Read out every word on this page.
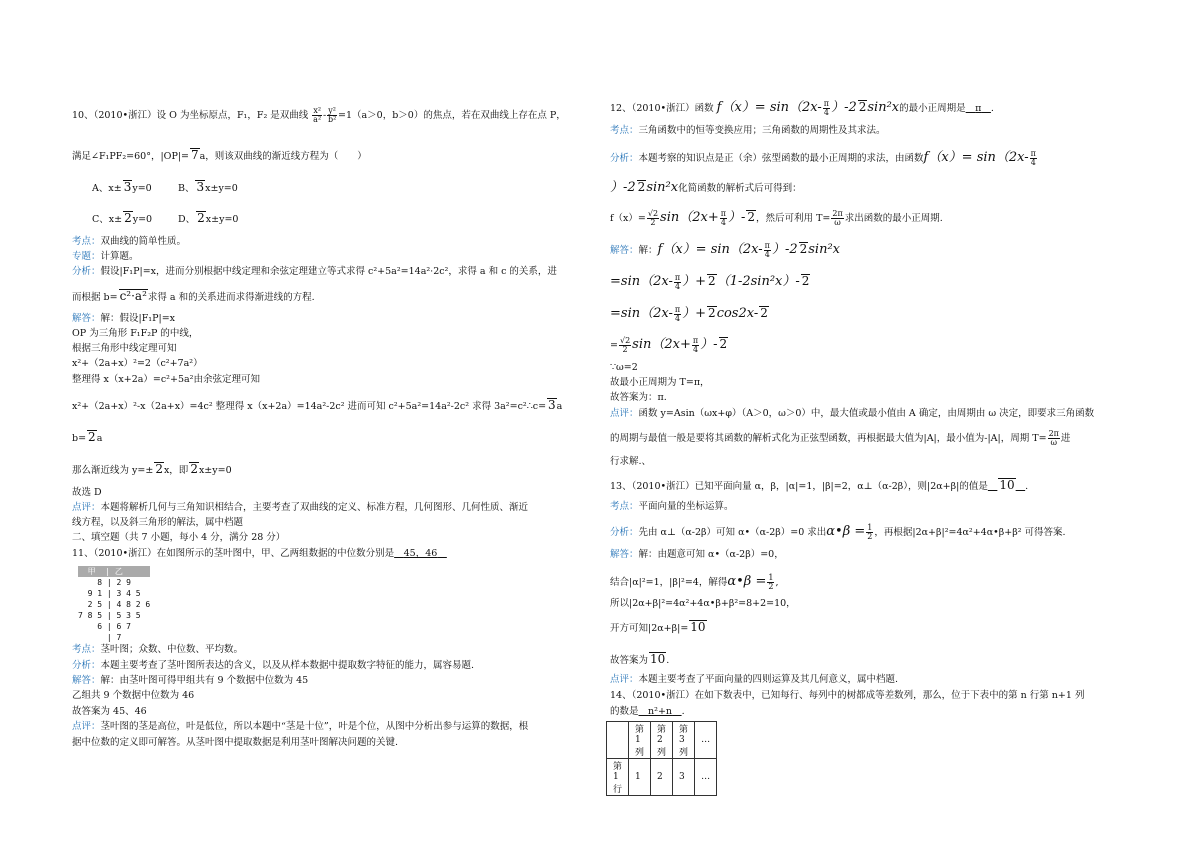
10、（2010•浙江）设 O 为坐标原点，F₁，F₂ 是双曲线 $\frac{\text{x²}}{\text{a²}} - \frac{\text{y²}}{\text{b²}} =1(a>0$，b＞0）的焦点，若在双曲线上存在点 P，
满足∠F₁PF₂=60°，|OP|= 7a，则该双曲线的渐近线方程为（　　）
A、x± 3y=0	B、 3x±y=0
C、x± 2y=0	D、 2x±y=0
考点：双曲线的简单性质。
专题：计算题。
分析：假设|F₁P|=x，进而分别根据中线定理和余弦定理建立等式求得 c²+5a²=14a²·2c²，求得 a 和 c 的关系，进
而根据 b= c²·a²求得 a 和的关系进而求得渐进线的方程.
解答：解：假设|F₁P|=x
OP 为三角形 F₁F₂P 的中线，
根据三角形中线定理可知
x²+（2a+x）²=2（c²+7a²）
整理得 x（x+2a）=c²+5a²由余弦定理可知
x²+（2a+x）²-x（2a+x）=4c² 整理得 x（x+2a）=14a²-2c² 进而可知 c²+5a²=14a²-2c² 求得 3a²=c²∴c= 3a
b= 2a
那么渐近线为 y=± 2x，即 2x±y=0
故选 D
点评：本题将解析几何与三角知识相结合，主要考查了双曲线的定义、标准方程，几何图形、几何性质、渐近
线方程，以及斜三角形的解法，属中档题
二、填空题（共 7 小题，每小 4 分，满分 28 分）
11、（2010•浙江）在如图所示的茎叶图中，甲、乙两组数据的中位数分别是　 45，46　
甲  | 乙
8 | 2 9
9 1 | 3 4 5
2 5 | 4 8 2 6
7 8 5 | 5 3 5
6 | 6 7
| 7
考点：茎叶图；众数、中位数、平均数。
分析：本题主要考查了茎叶图所表达的含义，以及从样本数据中提取数字特征的能力，属容易题.
解答：解：由茎叶图可得甲组共有 9 个数据中位数为 45
乙组共 9 个数据中位数为 46
故答案为 45、46
点评：茎叶图的茎是高位，叶是低位，所以本题中“茎是十位”，叶是个位，从图中分析出参与运算的数据，根
据中位数的定义即可解答。从茎叶图中提取数据是利用茎叶图解决问题的关键.
12、（2010•浙江）函数 $f(x)= \sin(2x- \frac{\pi}{4} )-2$ 2sin²x的最小正周期是　 π　 .
考点：三角函数中的恒等变换应用；三角函数的周期性及其求法。
分析：本题考察的知识点是正（余）弦型函数的最小正周期的求法，由函数$f(x)= \sin(2x- \frac{\pi}{4}$
）-2 2sin²x化简函数的解析式后可得到：
$f(x)= \frac{√2}{2} \sin(2x+ \frac{\pi}{4}$ ）- 2，然后可利用 $T= \frac{2\pi}{\omega}$ 求出函数的最小正周期.
解答：解：$f(x)= \sin(2x- \frac{\pi}{4} )-2$ 2sin²x
$=\sin(2x- \frac{\pi}{4}$ ）+ 2（1-2sin²x）- 2
$=\sin(2x- \frac{\pi}{4}$ ）+ 2cos2x- 2
= $\frac{√2}{2} \sin(2x+ \frac{\pi}{4}$ ）- 2
∵ω=2
故最小正周期为 T=π，
故答案为：π.
点评：函数 y=Asin（ωx+φ）（A＞0，ω＞0）中，最大值或最小值由 A 确定，由周期由 ω 决定，即要求三角函数
的周期与最值一般是要将其函数的解析式化为正弦型函数，再根据最大值为|A|，最小值为-|A|，周期 $T= \frac{2\pi}{\omega}$ 进
行求解.、
13、（2010•浙江）已知平面向量 α，β，|α|=1，|β|=2，α⊥（α-2β），则|2α+β|的值是　 10　 .
考点：平面向量的坐标运算。
分析：先由 α⊥（α-2β）可知 α•（α-2β）=0 求出α•β = $\frac{1}{2}$ ，再根据|2α+β|²=4α²+4α•β+β² 可得答案.
解答：解：由题意可知 α•（α-2β）=0，
结合|α|²=1，|β|²=4，解得α•β = $\frac{1}{2}$ ,
所以|2α+β|²=4α²+4α•β+β²=8+2=10，
开方可知|2α+β|= 10
故答案为 10.
点评：本题主要考查了平面向量的四则运算及其几何意义，属中档题.
14、（2010•浙江）在如下数表中，已知每行、每列中的树都成等差数列，那么，位于下表中的第 n 行第 n+1 列
的数是　 n²+n　 .
	第 1 列	第 2 列	第 3 列	…
第 1 行	1	2	3	…
